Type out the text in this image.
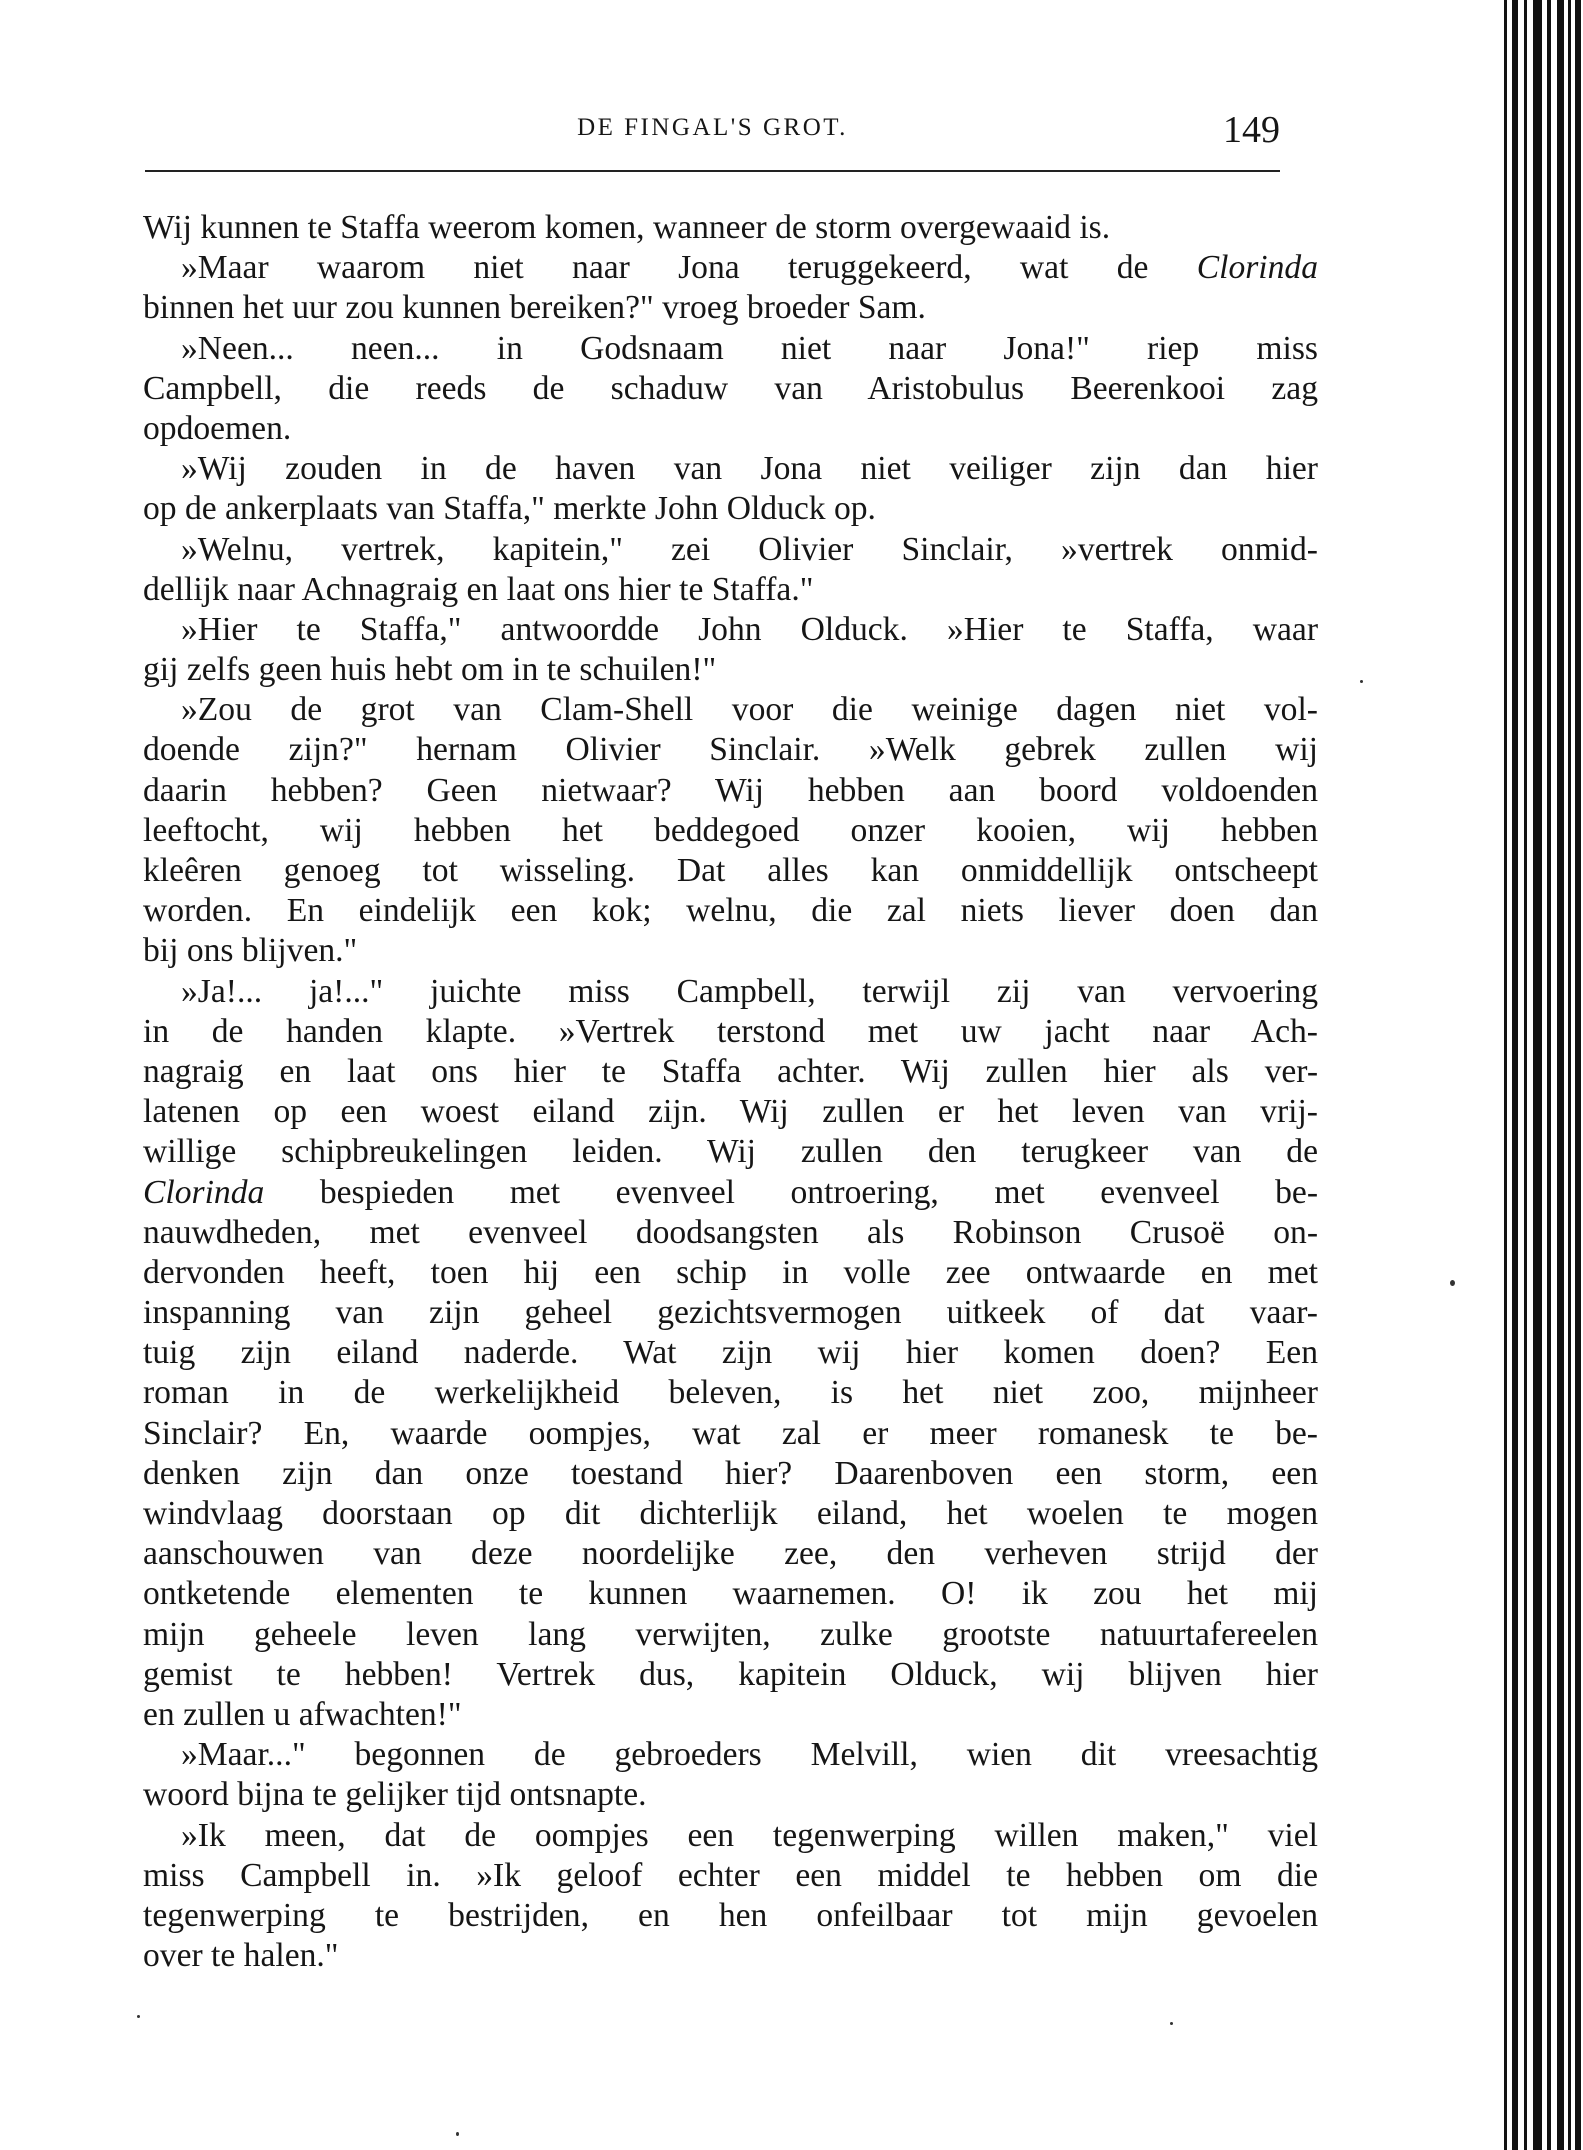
DE FINGAL'S GROT.	149
Wij kunnen te Staffa weerom komen, wanneer de storm overgewaaid is.
»Maar waarom niet naar Jona teruggekeerd, wat de Clorinda
binnen het uur zou kunnen bereiken?" vroeg broeder Sam.
»Neen... neen... in Godsnaam niet naar Jona!" riep miss
Campbell, die reeds de schaduw van Aristobulus Beerenkooi zag
opdoemen.
»Wij zouden in de haven van Jona niet veiliger zijn dan hier
op de ankerplaats van Staffa," merkte John Olduck op.
»Welnu, vertrek, kapitein," zei Olivier Sinclair, »vertrek onmid-
dellijk naar Achnagraig en laat ons hier te Staffa."
»Hier te Staffa," antwoordde John Olduck. »Hier te Staffa, waar
gij zelfs geen huis hebt om in te schuilen!"
»Zou de grot van Clam-Shell voor die weinige dagen niet vol-
doende zijn?" hernam Olivier Sinclair. »Welk gebrek zullen wij
daarin hebben? Geen nietwaar? Wij hebben aan boord voldoenden
leeftocht, wij hebben het beddegoed onzer kooien, wij hebben
kleêren genoeg tot wisseling. Dat alles kan onmiddellijk ontscheept
worden. En eindelijk een kok; welnu, die zal niets liever doen dan
bij ons blijven."
»Ja!... ja!..." juichte miss Campbell, terwijl zij van vervoering
in de handen klapte. »Vertrek terstond met uw jacht naar Ach-
nagraig en laat ons hier te Staffa achter. Wij zullen hier als ver-
latenen op een woest eiland zijn. Wij zullen er het leven van vrij-
willige schipbreukelingen leiden. Wij zullen den terugkeer van de
Clorinda bespieden met evenveel ontroering, met evenveel be-
nauwdheden, met evenveel doodsangsten als Robinson Crusoë on-
dervonden heeft, toen hij een schip in volle zee ontwaarde en met
inspanning van zijn geheel gezichtsvermogen uitkeek of dat vaar-
tuig zijn eiland naderde. Wat zijn wij hier komen doen? Een
roman in de werkelijkheid beleven, is het niet zoo, mijnheer
Sinclair? En, waarde oompjes, wat zal er meer romanesk te be-
denken zijn dan onze toestand hier? Daarenboven een storm, een
windvlaag doorstaan op dit dichterlijk eiland, het woelen te mogen
aanschouwen van deze noordelijke zee, den verheven strijd der
ontketende elementen te kunnen waarnemen. O! ik zou het mij
mijn geheele leven lang verwijten, zulke grootste natuurtafereelen
gemist te hebben! Vertrek dus, kapitein Olduck, wij blijven hier
en zullen u afwachten!"
»Maar..." begonnen de gebroeders Melvill, wien dit vreesachtig
woord bijna te gelijker tijd ontsnapte.
»Ik meen, dat de oompjes een tegenwerping willen maken," viel
miss Campbell in. »Ik geloof echter een middel te hebben om die
tegenwerping te bestrijden, en hen onfeilbaar tot mijn gevoelen
over te halen."
